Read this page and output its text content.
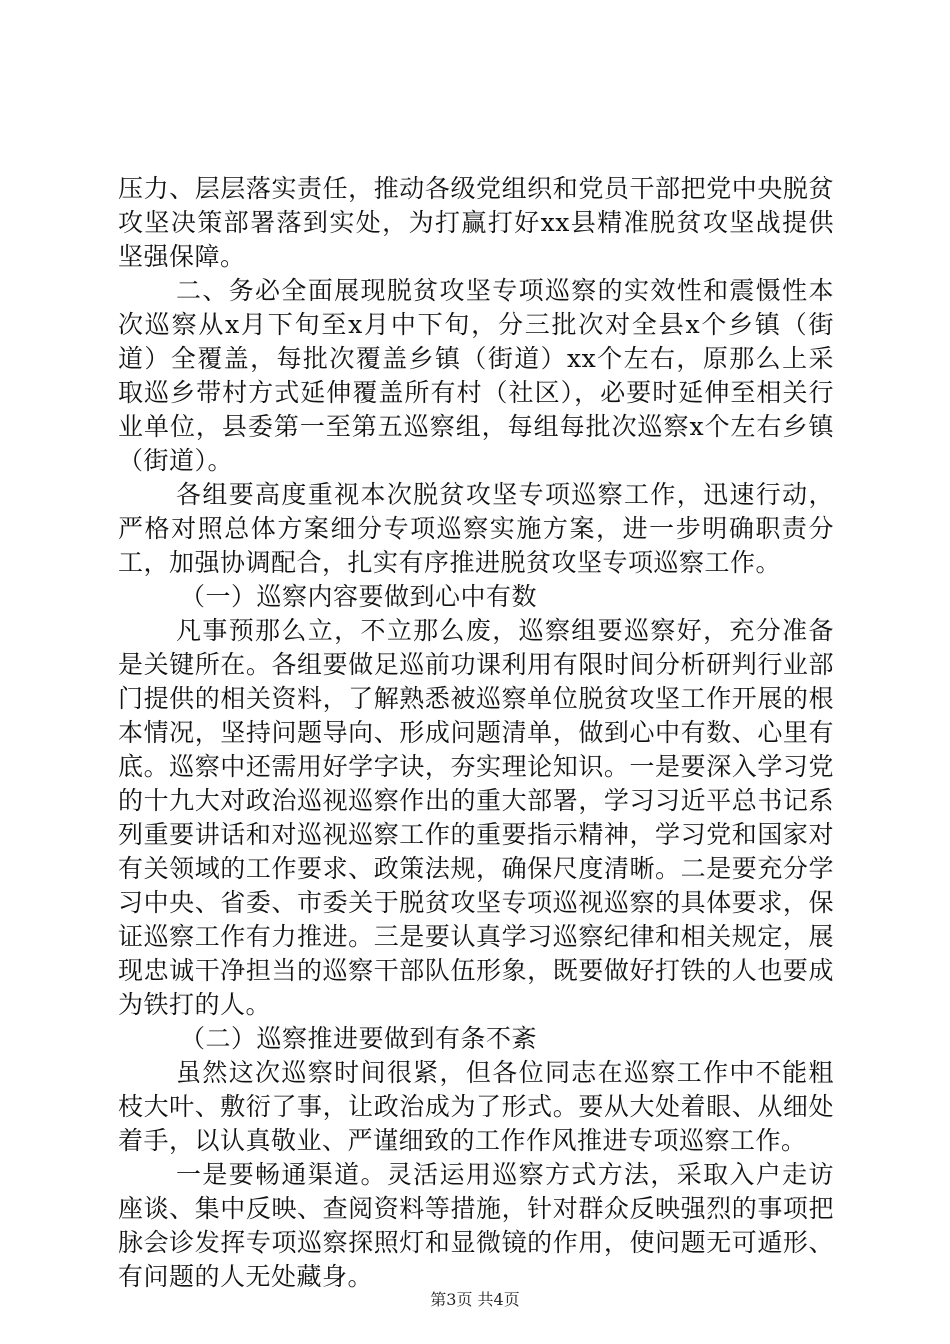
压力、层层落实责任，推动各级党组织和党员干部把党中央脱贫攻坚决策部署落到实处，为打赢打好xx县精准脱贫攻坚战提供坚强保障。

二、务必全面展现脱贫攻坚专项巡察的实效性和震慑性本次巡察从x月下旬至x月中下旬，分三批次对全县x个乡镇（街道）全覆盖，每批次覆盖乡镇（街道）xx个左右，原那么上采取巡乡带村方式延伸覆盖所有村（社区），必要时延伸至相关行业单位，县委第一至第五巡察组，每组每批次巡察x个左右乡镇（街道）。

各组要高度重视本次脱贫攻坚专项巡察工作，迅速行动，严格对照总体方案细分专项巡察实施方案，进一步明确职责分工，加强协调配合，扎实有序推进脱贫攻坚专项巡察工作。

（一）巡察内容要做到心中有数

凡事预那么立，不立那么废，巡察组要巡察好，充分准备是关键所在。各组要做足巡前功课利用有限时间分析研判行业部门提供的相关资料，了解熟悉被巡察单位脱贫攻坚工作开展的根本情况，坚持问题导向、形成问题清单，做到心中有数、心里有底。巡察中还需用好学字诀，夯实理论知识。一是要深入学习党的十九大对政治巡视巡察作出的重大部署，学习习近平总书记系列重要讲话和对巡视巡察工作的重要指示精神，学习党和国家对有关领域的工作要求、政策法规，确保尺度清晰。二是要充分学习中央、省委、市委关于脱贫攻坚专项巡视巡察的具体要求，保证巡察工作有力推进。三是要认真学习巡察纪律和相关规定，展现忠诚干净担当的巡察干部队伍形象，既要做好打铁的人也要成为铁打的人。

（二）巡察推进要做到有条不紊

虽然这次巡察时间很紧，但各位同志在巡察工作中不能粗枝大叶、敷衍了事，让政治成为了形式。要从大处着眼、从细处着手，以认真敬业、严谨细致的工作作风推进专项巡察工作。

一是要畅通渠道。灵活运用巡察方式方法，采取入户走访座谈、集中反映、查阅资料等措施，针对群众反映强烈的事项把脉会诊发挥专项巡察探照灯和显微镜的作用，使问题无可遁形、有问题的人无处藏身。

第3页 共4页
